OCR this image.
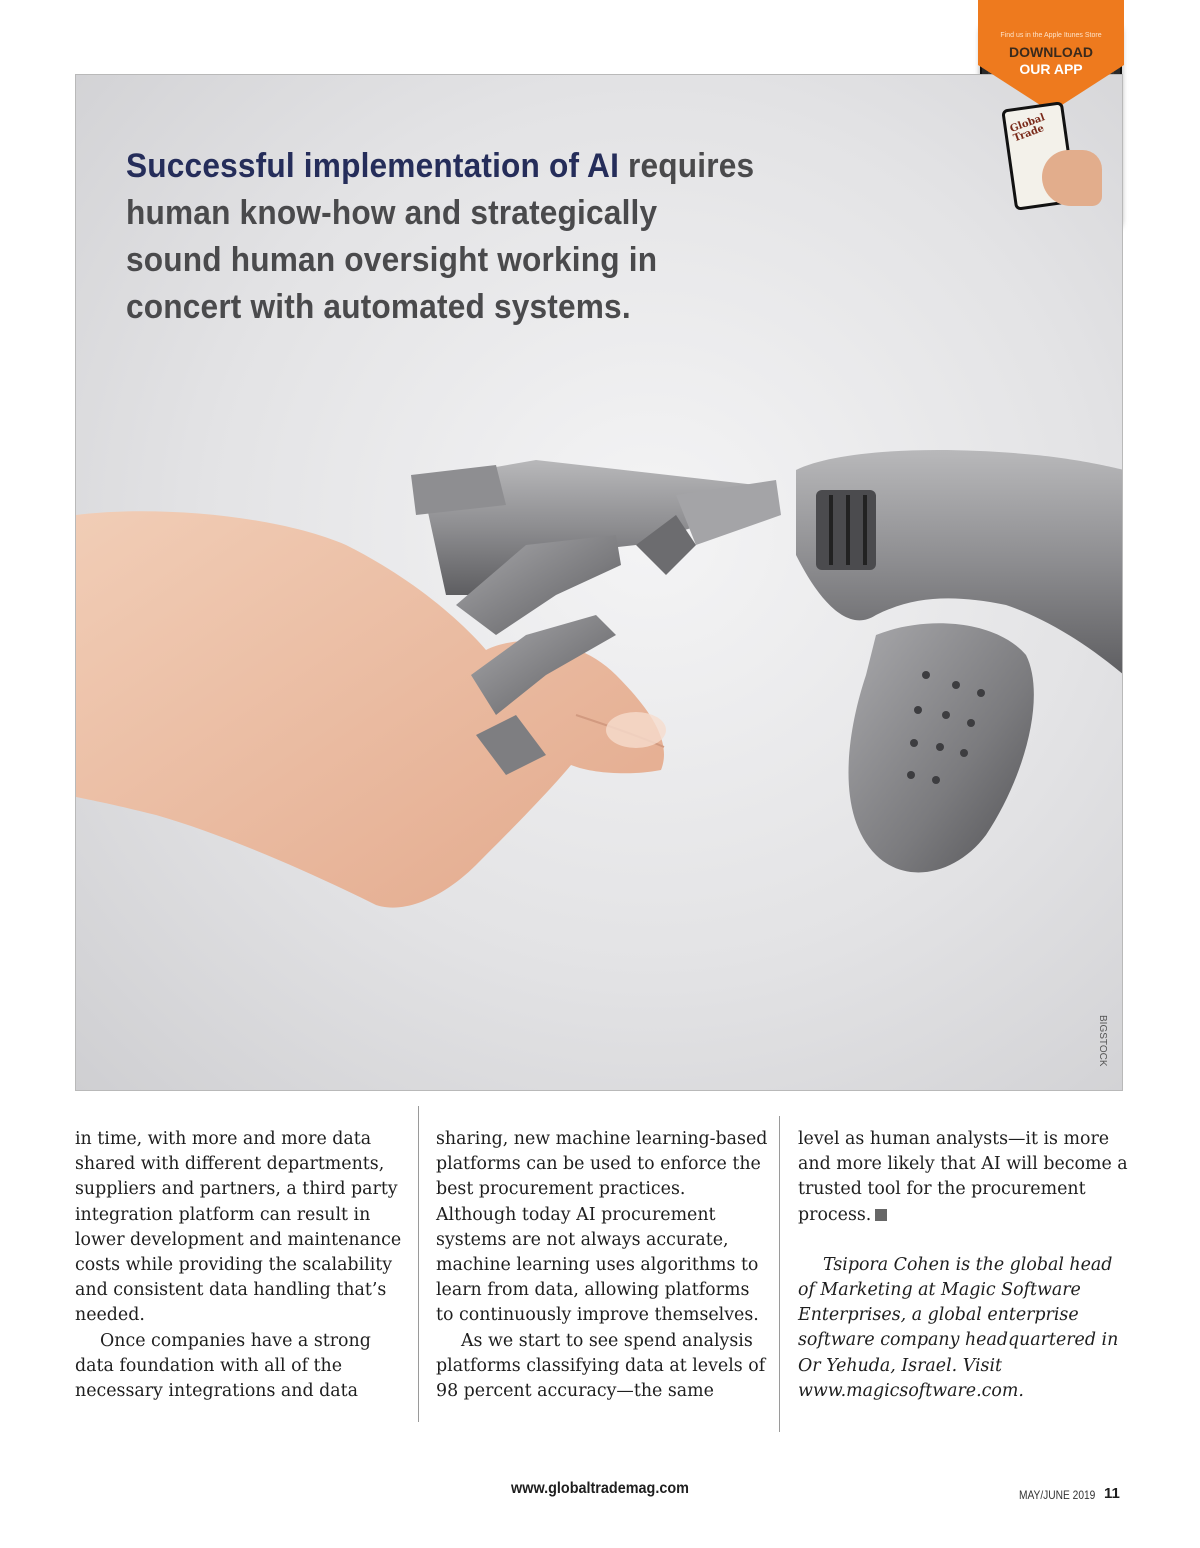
Find us in the Apple Itunes Store
DOWNLOAD
OUR APP
Global Trade
Successful implementation of AI requires human know-how and strategically sound human oversight working in concert with automated systems.
BIGSTOCK

in time, with more and more data shared with different departments, suppliers and partners, a third party integration platform can result in lower development and maintenance costs while providing the scalability and consistent data handling that’s needed.

Once companies have a strong data foundation with all of the necessary integrations and data

sharing, new machine learning-based platforms can be used to enforce the best procurement practices. Although today AI procurement systems are not always accurate, machine learning uses algorithms to learn from data, allowing platforms to continuously improve themselves.

As we start to see spend analysis platforms classifying data at levels of 98 percent accuracy—the same

level as human analysts—it is more and more likely that AI will become a trusted tool for the procurement process.

Tsipora Cohen is the global head of Marketing at Magic Software Enterprises, a global enterprise software company headquartered in Or Yehuda, Israel. Visit www.magicsoftware.com.

www.globaltrademag.com	MAY/JUNE 2019 11
